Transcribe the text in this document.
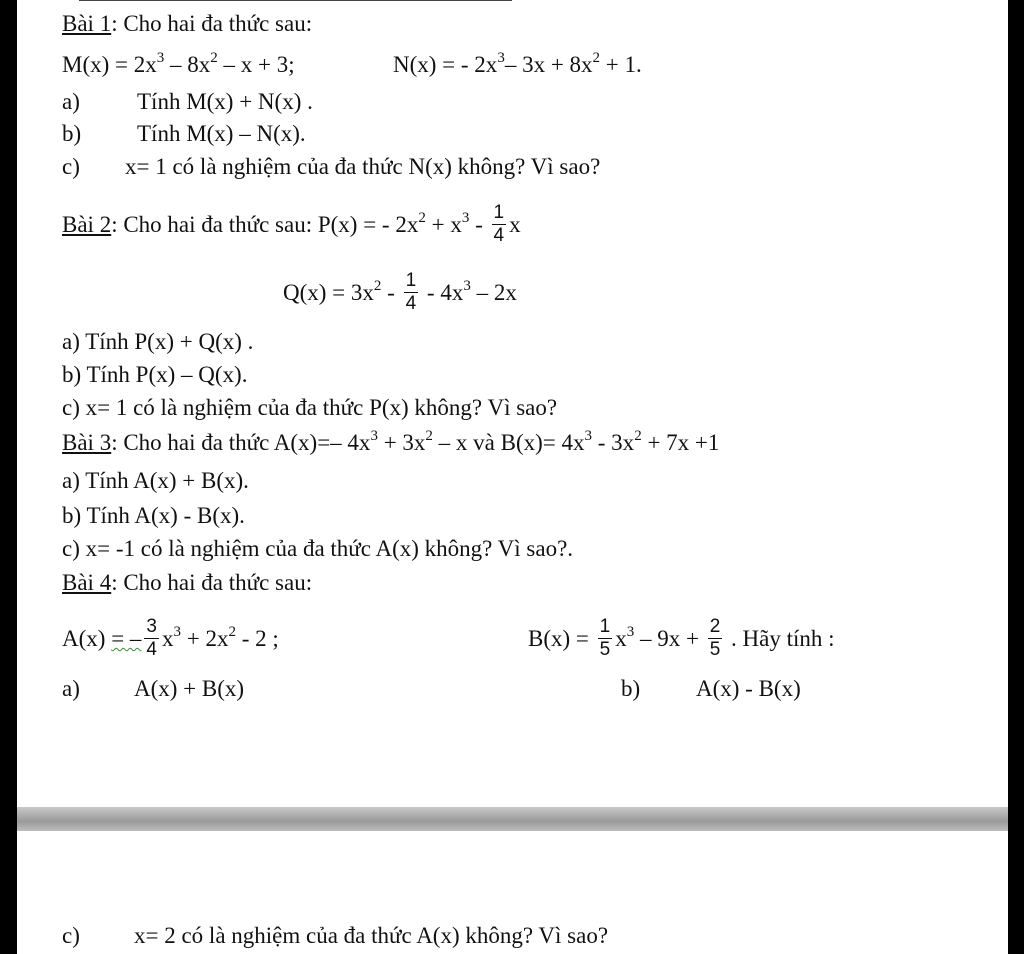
Bài 1: Cho hai đa thức sau:
$M(x) = 2x^3 - 8x^2 - x + 3$;	N(x) = - $2x^3-$ $3x + 8x^2 + 1$.
a) Tính M(x) + N(x) .
b) Tính M(x) – N(x).
c) x= 1 có là nghiệm của đa thức N(x) không? Vì sao?
Bài 2: Cho hai đa thức sau: P(x) = - $2x^2 + x^3 - \frac{1}{4}$ x
$Q(x) = 3x^2 - \frac{1}{4} - 4x^3 - 2x$
a) Tính P(x) + Q(x) .
b) Tính P(x) – Q(x).
c) x= 1 có là nghiệm của đa thức P(x) không? Vì sao?
Bài 3: Cho hai đa thức A(x)=– $4x^3 + 3x^2 - x$ và $B(x)= 4x^3 - 3x^2 + 7x +1$
a) Tính A(x) + B(x).
b) Tính A(x) - B(x).
c) x= -1 có là nghiệm của đa thức A(x) không? Vì sao?.
Bài 4: Cho hai đa thức sau:
A(x) = – $\frac{3}{4} x^3 + 2x^2 - 2$ ;	$B(x) = \frac{1}{5} x^3 - 9x + \frac{2}{5}$ . Hãy tính :
a) A(x) + B(x)	b) A(x) - B(x)
c) x= 2 có là nghiệm của đa thức A(x) không? Vì sao?
